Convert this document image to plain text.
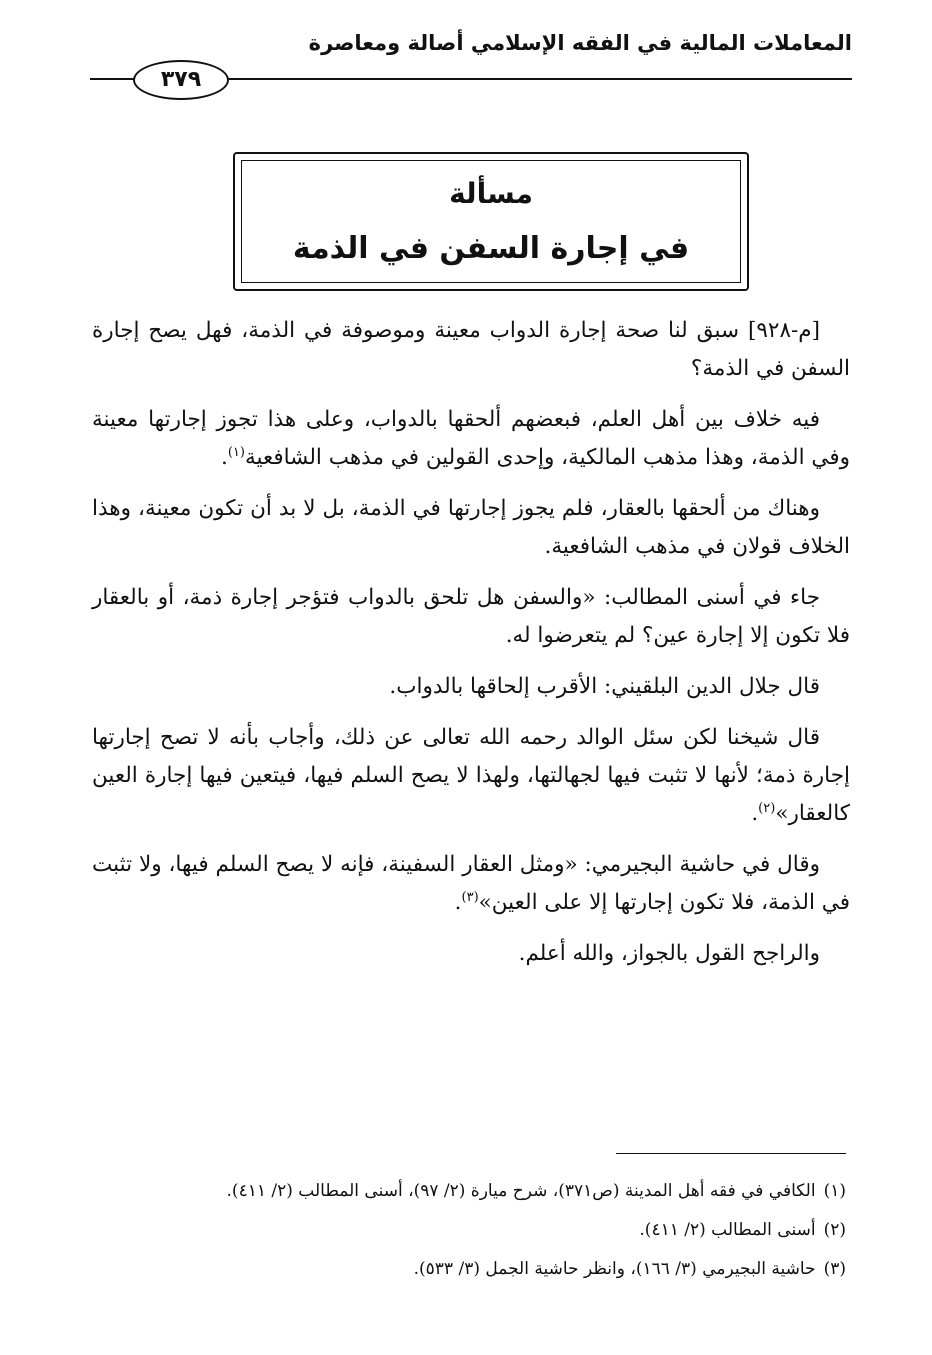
المعاملات المالية في الفقه الإسلامي أصالة ومعاصرة
٣٧٩
مسألة
في إجارة السفن في الذمة

[م-٩٢٨] سبق لنا صحة إجارة الدواب معينة وموصوفة في الذمة، فهل يصح إجارة السفن في الذمة؟

فيه خلاف بين أهل العلم، فبعضهم ألحقها بالدواب، وعلى هذا تجوز إجارتها معينة وفي الذمة، وهذا مذهب المالكية، وإحدى القولين في مذهب الشافعية$^{(١)}$.

وهناك من ألحقها بالعقار، فلم يجوز إجارتها في الذمة، بل لا بد أن تكون معينة، وهذا الخلاف قولان في مذهب الشافعية.

جاء في أسنى المطالب: «والسفن هل تلحق بالدواب فتؤجر إجارة ذمة، أو بالعقار فلا تكون إلا إجارة عين؟ لم يتعرضوا له.

قال جلال الدين البلقيني: الأقرب إلحاقها بالدواب.

قال شيخنا لكن سئل الوالد رحمه الله تعالى عن ذلك، وأجاب بأنه لا تصح إجارتها إجارة ذمة؛ لأنها لا تثبت فيها لجهالتها، ولهذا لا يصح السلم فيها، فيتعين فيها إجارة العين كالعقار»$^{(٢)}$.

وقال في حاشية البجيرمي: «ومثل العقار السفينة، فإنه لا يصح السلم فيها، ولا تثبت في الذمة، فلا تكون إجارتها إلا على العين»$^{(٣)}$.

والراجح القول بالجواز، والله أعلم.

(١)الكافي في فقه أهل المدينة (ص٣٧١)، شرح ميارة (٢/ ٩٧)، أسنى المطالب (٢/ ٤١١).
(٢)أسنى المطالب (٢/ ٤١١).
(٣)حاشية البجيرمي (٣/ ١٦٦)، وانظر حاشية الجمل (٣/ ٥٣٣).
